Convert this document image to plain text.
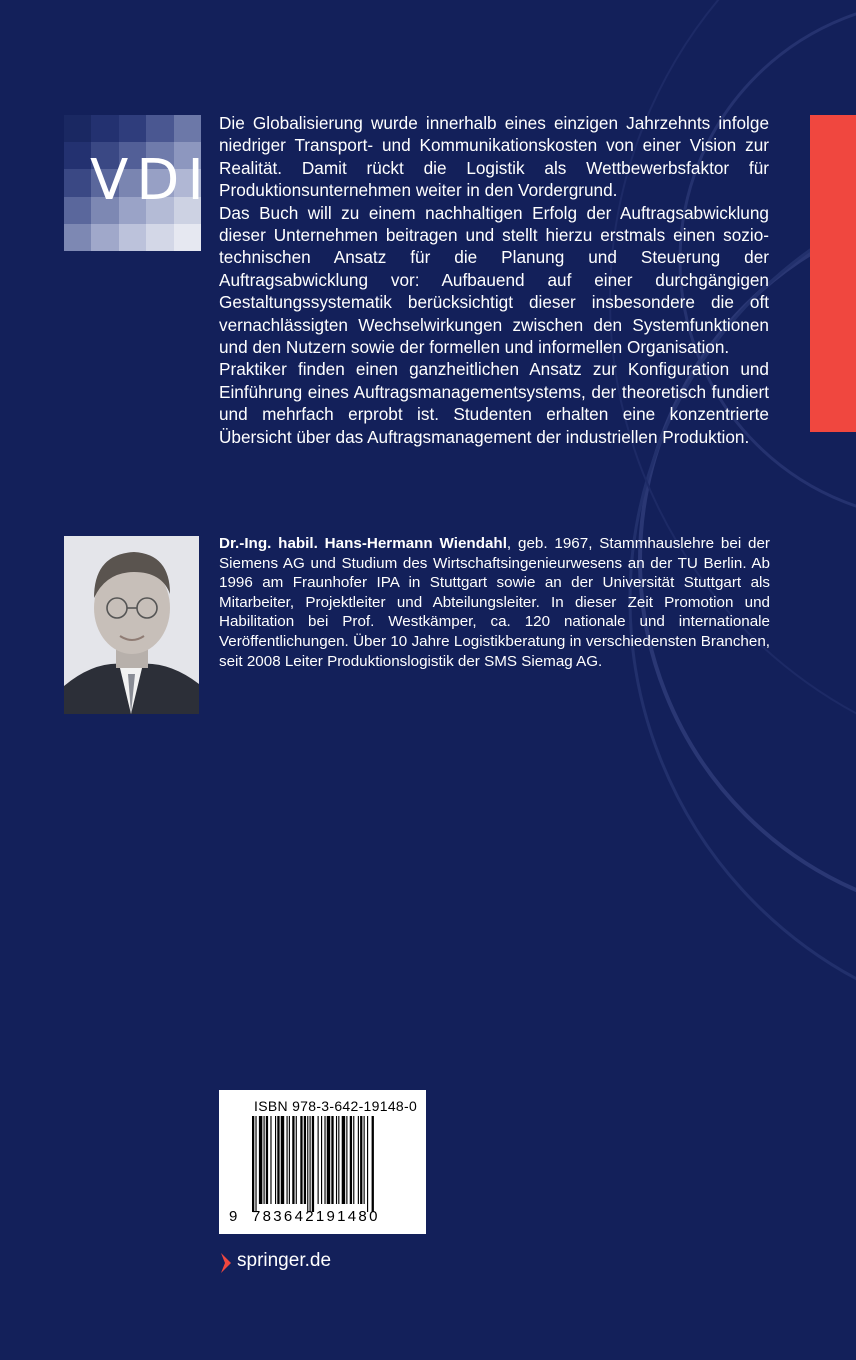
VDI

Die Globalisierung wurde innerhalb eines einzigen Jahrzehnts infolge niedriger Transport- und Kommunikationskosten von einer Vision zur Realität. Damit rückt die Logistik als Wettbewerbsfaktor für Produktionsunternehmen weiter in den Vordergrund.

Das Buch will zu einem nachhaltigen Erfolg der Auftragsabwicklung dieser Unternehmen beitragen und stellt hierzu erstmals einen sozio-technischen Ansatz für die Planung und Steuerung der Auftragsabwicklung vor: Aufbauend auf einer durchgängigen Gestaltungssystematik berücksichtigt dieser insbesondere die oft vernachlässigten Wechselwirkungen zwischen den Systemfunktionen und den Nutzern sowie der formellen und informellen Organisation.

Praktiker finden einen ganzheitlichen Ansatz zur Konfiguration und Einführung eines Auftragsmanagementsystems, der theoretisch fundiert und mehrfach erprobt ist. Studenten erhalten eine konzentrierte Übersicht über das Auftragsmanagement der industriellen Produktion.

Dr.-Ing. habil. Hans-Hermann Wiendahl, geb. 1967, Stammhauslehre bei der Siemens AG und Studium des Wirtschaftsingenieurwesens an der TU Berlin. Ab 1996 am Fraunhofer IPA in Stuttgart sowie an der Universität Stuttgart als Mitarbeiter, Projektleiter und Abteilungsleiter. In dieser Zeit Promotion und Habilitation bei Prof. Westkämper, ca. 120 nationale und internationale Veröffentlichungen. Über 10 Jahre Logistikberatung in verschiedensten Branchen, seit 2008 Leiter Produktionslogistik der SMS Siemag AG.

ISBN 978-3-642-19148-0
9 783642191480
springer.de
